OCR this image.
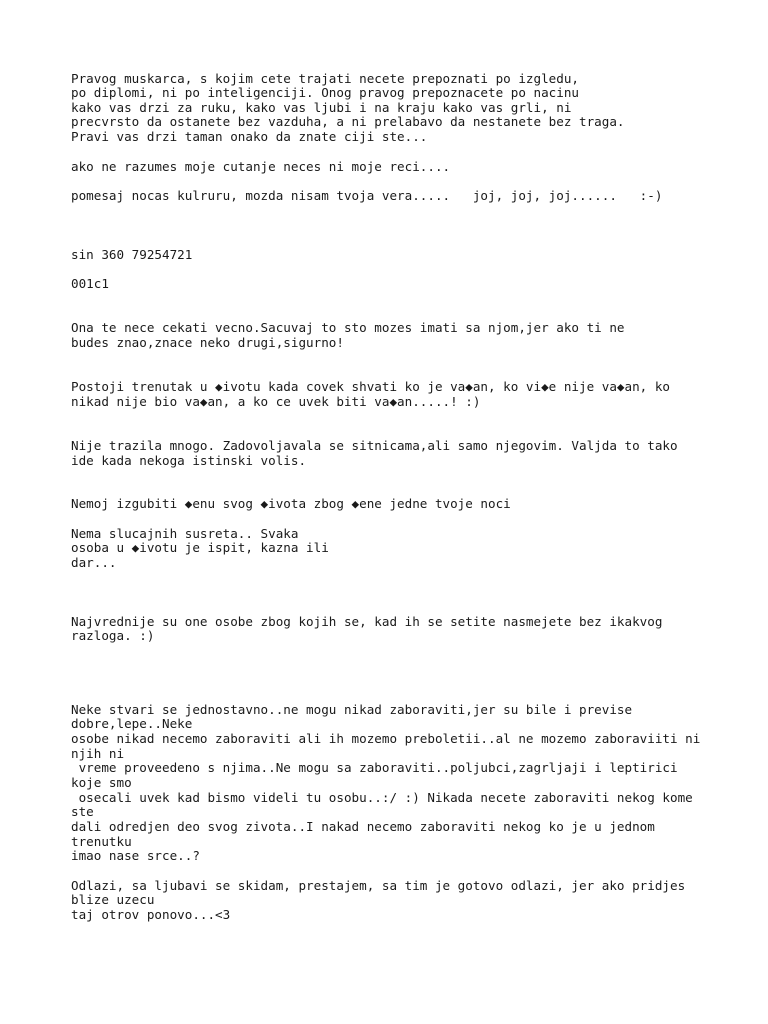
Pravog muskarca, s kojim cete trajati necete prepoznati po izgledu,

po diplomi, ni po inteligenciji. Onog pravog prepoznacete po nacinu

kako vas drzi za ruku, kako vas ljubi i na kraju kako vas grli, ni

precvrsto da ostanete bez vazduha, a ni prelabavo da nestanete bez traga.

Pravi vas drzi taman onako da znate ciji ste...

ako ne razumes moje cutanje neces ni moje reci....

pomesaj nocas kulruru, mozda nisam tvoja vera.....   joj, joj, joj......   :-)

sin 360 79254721

001c1

Ona te nece cekati vecno.Sacuvaj to sto mozes imati sa njom,jer ako ti ne

budes znao,znace neko drugi,sigurno!

Postoji trenutak u ◆ivotu kada covek shvati ko je va◆an, ko vi◆e nije va◆an, ko

nikad nije bio va◆an, a ko ce uvek biti va◆an.....! :)

Nije trazila mnogo. Zadovoljavala se sitnicama,ali samo njegovim. Valjda to tako

ide kada nekoga istinski volis.

Nemoj izgubiti ◆enu svog ◆ivota zbog ◆ene jedne tvoje noci

Nema slucajnih susreta.. Svaka

osoba u ◆ivotu je ispit, kazna ili

dar...

Najvrednije su one osobe zbog kojih se, kad ih se setite nasmejete bez ikakvog

razloga. :)

Neke stvari se jednostavno..ne mogu nikad zaboraviti,jer su bile i previse

dobre,lepe..Neke

osobe nikad necemo zaboraviti ali ih mozemo preboletii..al ne mozemo zaboraviiti ni

njih ni

vreme proveedeno s njima..Ne mogu sa zaboraviti..poljubci,zagrljaji i leptirici

koje smo

osecali uvek kad bismo videli tu osobu..:/ :) Nikada necete zaboraviti nekog kome

ste

dali odredjen deo svog zivota..I nakad necemo zaboraviti nekog ko je u jednom

trenutku

imao nase srce..?

Odlazi, sa ljubavi se skidam, prestajem, sa tim je gotovo odlazi, jer ako pridjes

blize uzecu

taj otrov ponovo...<3
